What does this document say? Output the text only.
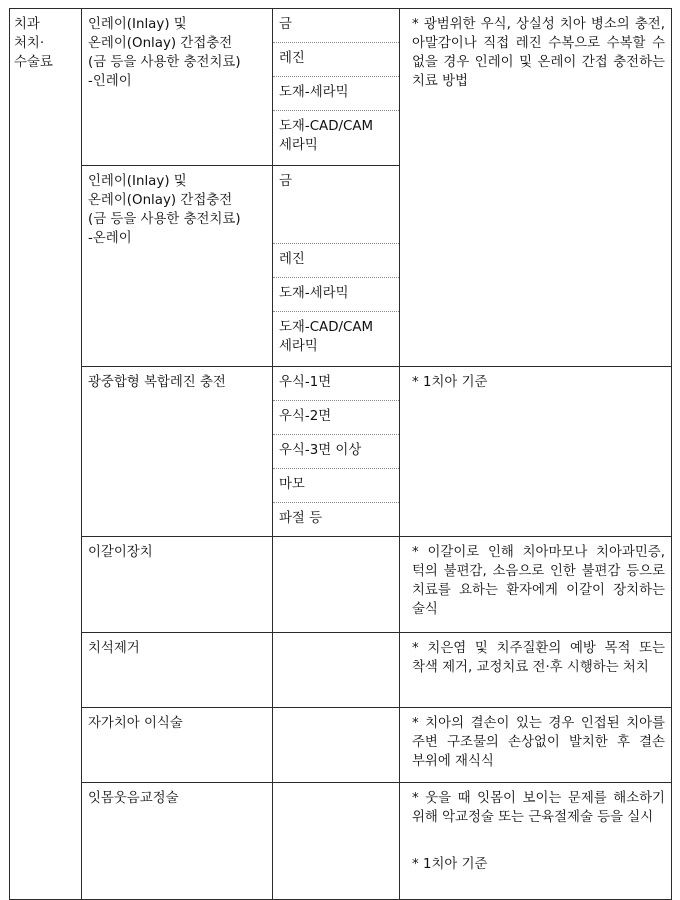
치과
처치·
수술료	인레이(Inlay) 및
온레이(Onlay) 간접충전
(금 등을 사용한 충전치료)
-인레이	금	* 광범위한 우식, 상실성 치아 병소의 충전, 아말감이나 직접 레진 수복으로 수복할 수 없을 경우 인레이 및 온레이 간접 충전하는 치료 방법
		레진	
		도재-세라믹	
		도재-CAD/CAM
세라믹	
	인레이(Inlay) 및
온레이(Onlay) 간접충전
(금 등을 사용한 충전치료)
-온레이	금	
		레진	
		도재-세라믹	
		도재-CAD/CAM
세라믹	
	광중합형 복합레진 충전	우식-1면	* 1치아 기준
		우식-2면	
		우식-3면 이상	
		마모	
		파절 등	
	이갈이장치		* 이갈이로 인해 치아마모나 치아과민증, 턱의 불편감, 소음으로 인한 불편감 등으로 치료를 요하는 환자에게 이갈이 장치하는 술식
	치석제거		* 치은염 및 치주질환의 예방 목적 또는 착색 제거, 교정치료 전·후 시행하는 처치
	자가치아 이식술		* 치아의 결손이 있는 경우 인접된 치아를 주변 구조물의 손상없이 발치한 후 결손 부위에 재식식
	잇몸웃음교정술		* 웃을 때 잇몸이 보이는 문제를 해소하기 위해 악교정술 또는 근육절제술 등을 실시
* 1치아 기준
